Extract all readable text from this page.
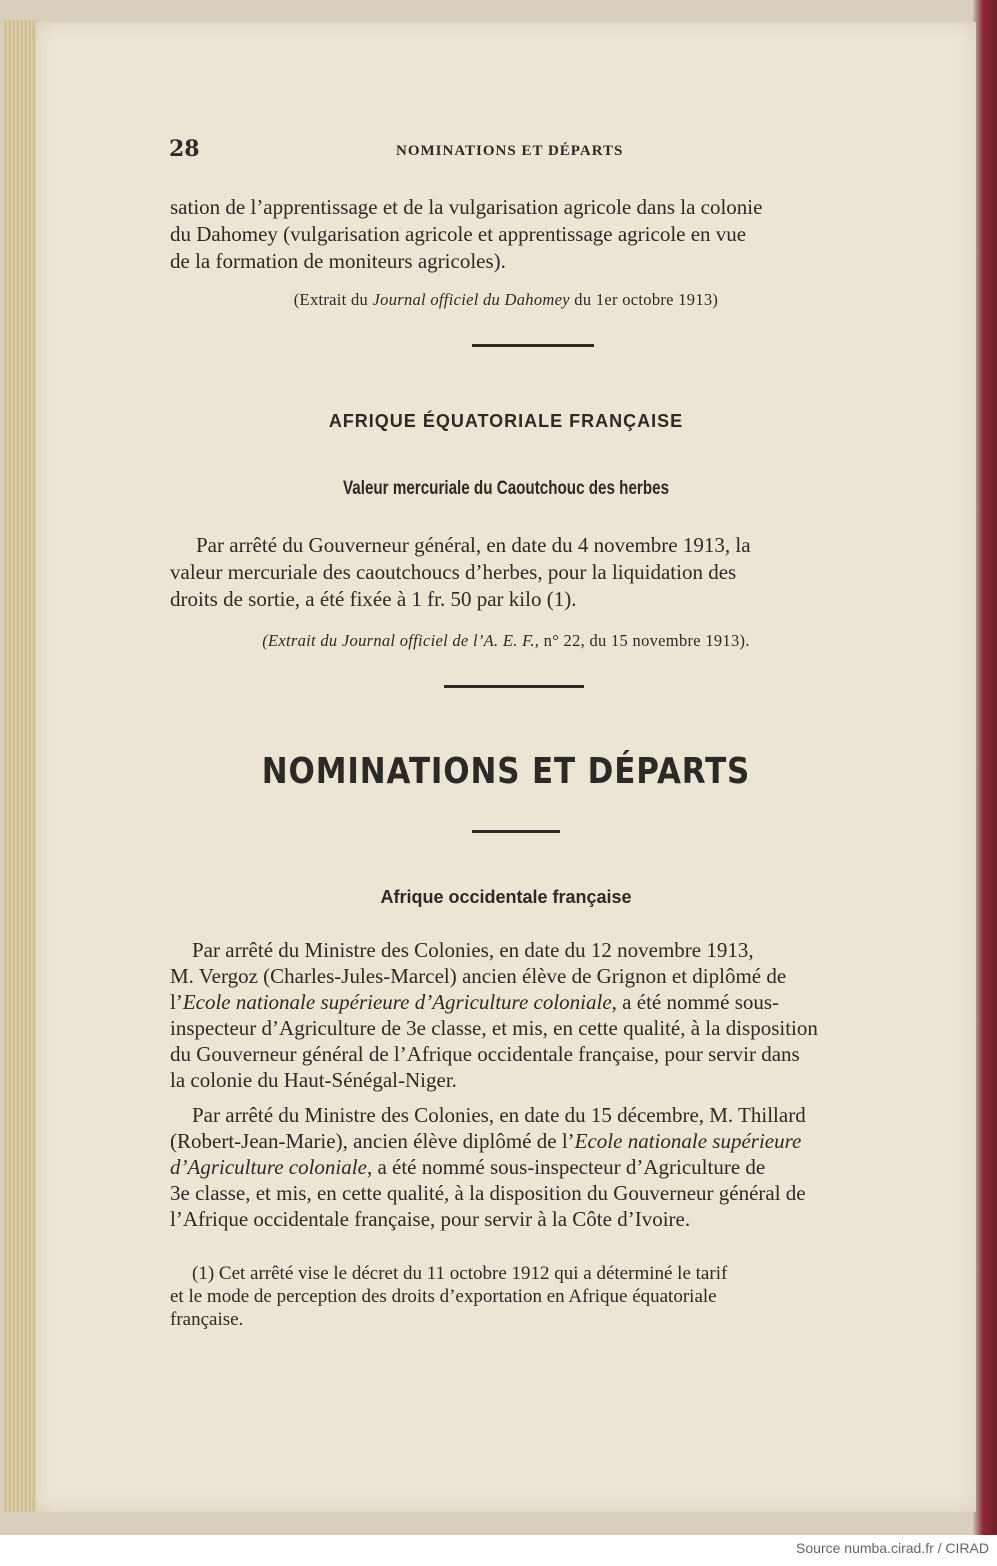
28	NOMINATIONS ET DÉPARTS

sation de l’apprentissage et de la vulgarisation agricole dans la colonie

du Dahomey (vulgarisation agricole et apprentissage agricole en vue

de la formation de moniteurs agricoles).

(Extrait du Journal officiel du Dahomey du 1er octobre 1913)

AFRIQUE ÉQUATORIALE FRANÇAISE

Valeur mercuriale du Caoutchouc des herbes

Par arrêté du Gouverneur général, en date du 4 novembre 1913, la

valeur mercuriale des caoutchoucs d’herbes, pour la liquidation des

droits de sortie, a été fixée à 1 fr. 50 par kilo (1).

(Extrait du Journal officiel de l’A. E. F., n° 22, du 15 novembre 1913).

NOMINATIONS ET DÉPARTS

Afrique occidentale française

Par arrêté du Ministre des Colonies, en date du 12 novembre 1913,

M. Vergoz (Charles-Jules-Marcel) ancien élève de Grignon et diplômé de

l’Ecole nationale supérieure d’Agriculture coloniale, a été nommé sous-

inspecteur d’Agriculture de 3e classe, et mis, en cette qualité, à la disposition

du Gouverneur général de l’Afrique occidentale française, pour servir dans

la colonie du Haut-Sénégal-Niger.

Par arrêté du Ministre des Colonies, en date du 15 décembre, M. Thillard

(Robert-Jean-Marie), ancien élève diplômé de l’Ecole nationale supérieure

d’Agriculture coloniale, a été nommé sous-inspecteur d’Agriculture de

3e classe, et mis, en cette qualité, à la disposition du Gouverneur général de

l’Afrique occidentale française, pour servir à la Côte d’Ivoire.

(1) Cet arrêté vise le décret du 11 octobre 1912 qui a déterminé le tarif

et le mode de perception des droits d’exportation en Afrique équatoriale

française.

Source numba.cirad.fr / CIRAD
